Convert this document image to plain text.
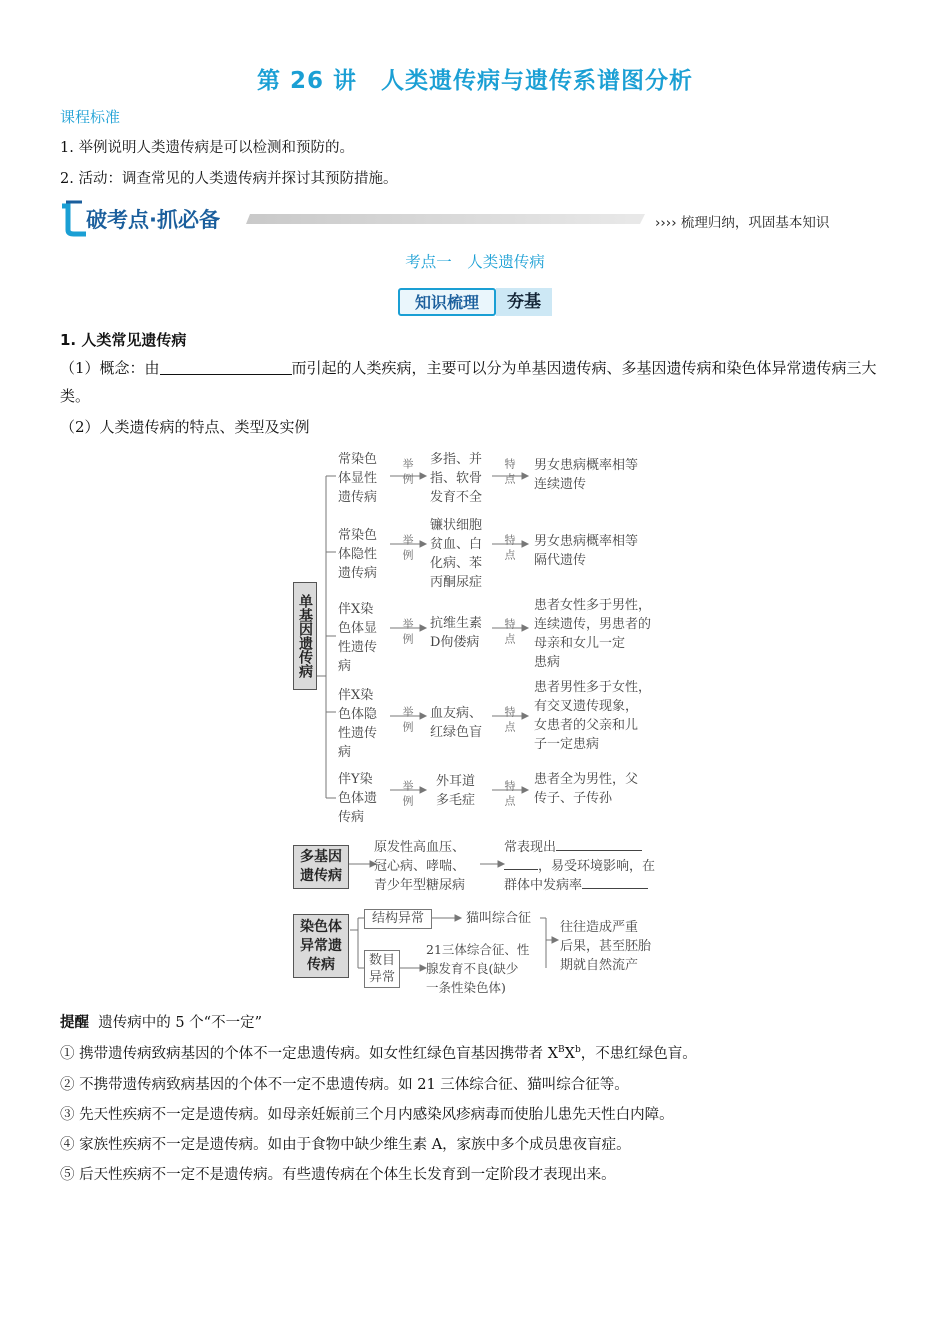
第 26 讲　人类遗传病与遗传系谱图分析
课程标准
1. 举例说明人类遗传病是可以检测和预防的。
2. 活动：调查常见的人类遗传病并探讨其预防措施。
破考点·抓必备	›››› 梳理归纳，巩固基本知识
考点一　人类遗传病
知识梳理	夯基
1. 人类常见遗传病
（1）概念：由	而引起的人类疾病，主要可以分为单基因遗传病、多基因遗传病和染色体异常遗传病三大类。
（2）人类遗传病的特点、类型及实例
单基因遗传病
常染色
体显性
遗传病
举例 多指、并
指、软骨
发育不全
特点 男女患病概率相等
连续遗传
常染色
体隐性
遗传病
举例
镰状细胞
贫血、白
化病、苯
丙酮尿症
特点 男女患病概率相等
隔代遗传
伴X染
色体显
性遗传
病
举例 抗维生素
D佝偻病 特点
患者女性多于男性，
连续遗传，男患者的
母亲和女儿一定
患病
伴X染
色体隐
性遗传
病
举例 血友病、
红绿色盲 特点
患者男性多于女性，
有交叉遗传现象，
女患者的父亲和儿
子一定患病
伴Y染
色体遗
传病
举例 外耳道
多毛症	特点
患者全为男性，父
传子、子传孙
多基因
遗传病
原发性高血压、
冠心病、哮喘、
青少年型糖尿病
常表现出
，易受环境影响，在
群体中发病率
染色体
异常遗
传病
结构异常	猫叫综合征
数目
异常
21三体综合征、性
腺发育不良(缺少
一条性染色体)
往往造成严重
后果，甚至胚胎
期就自然流产
提醒 遗传病中的 5 个“不一定”
① 携带遗传病致病基因的个体不一定患遗传病。如女性红绿色盲基因携带者 $X^BX^b$，不患红绿色盲。
② 不携带遗传病致病基因的个体不一定不患遗传病。如 21 三体综合征、猫叫综合征等。
③ 先天性疾病不一定是遗传病。如母亲妊娠前三个月内感染风疹病毒而使胎儿患先天性白内障。
④ 家族性疾病不一定是遗传病。如由于食物中缺少维生素 A，家族中多个成员患夜盲症。
⑤ 后天性疾病不一定不是遗传病。有些遗传病在个体生长发育到一定阶段才表现出来。
